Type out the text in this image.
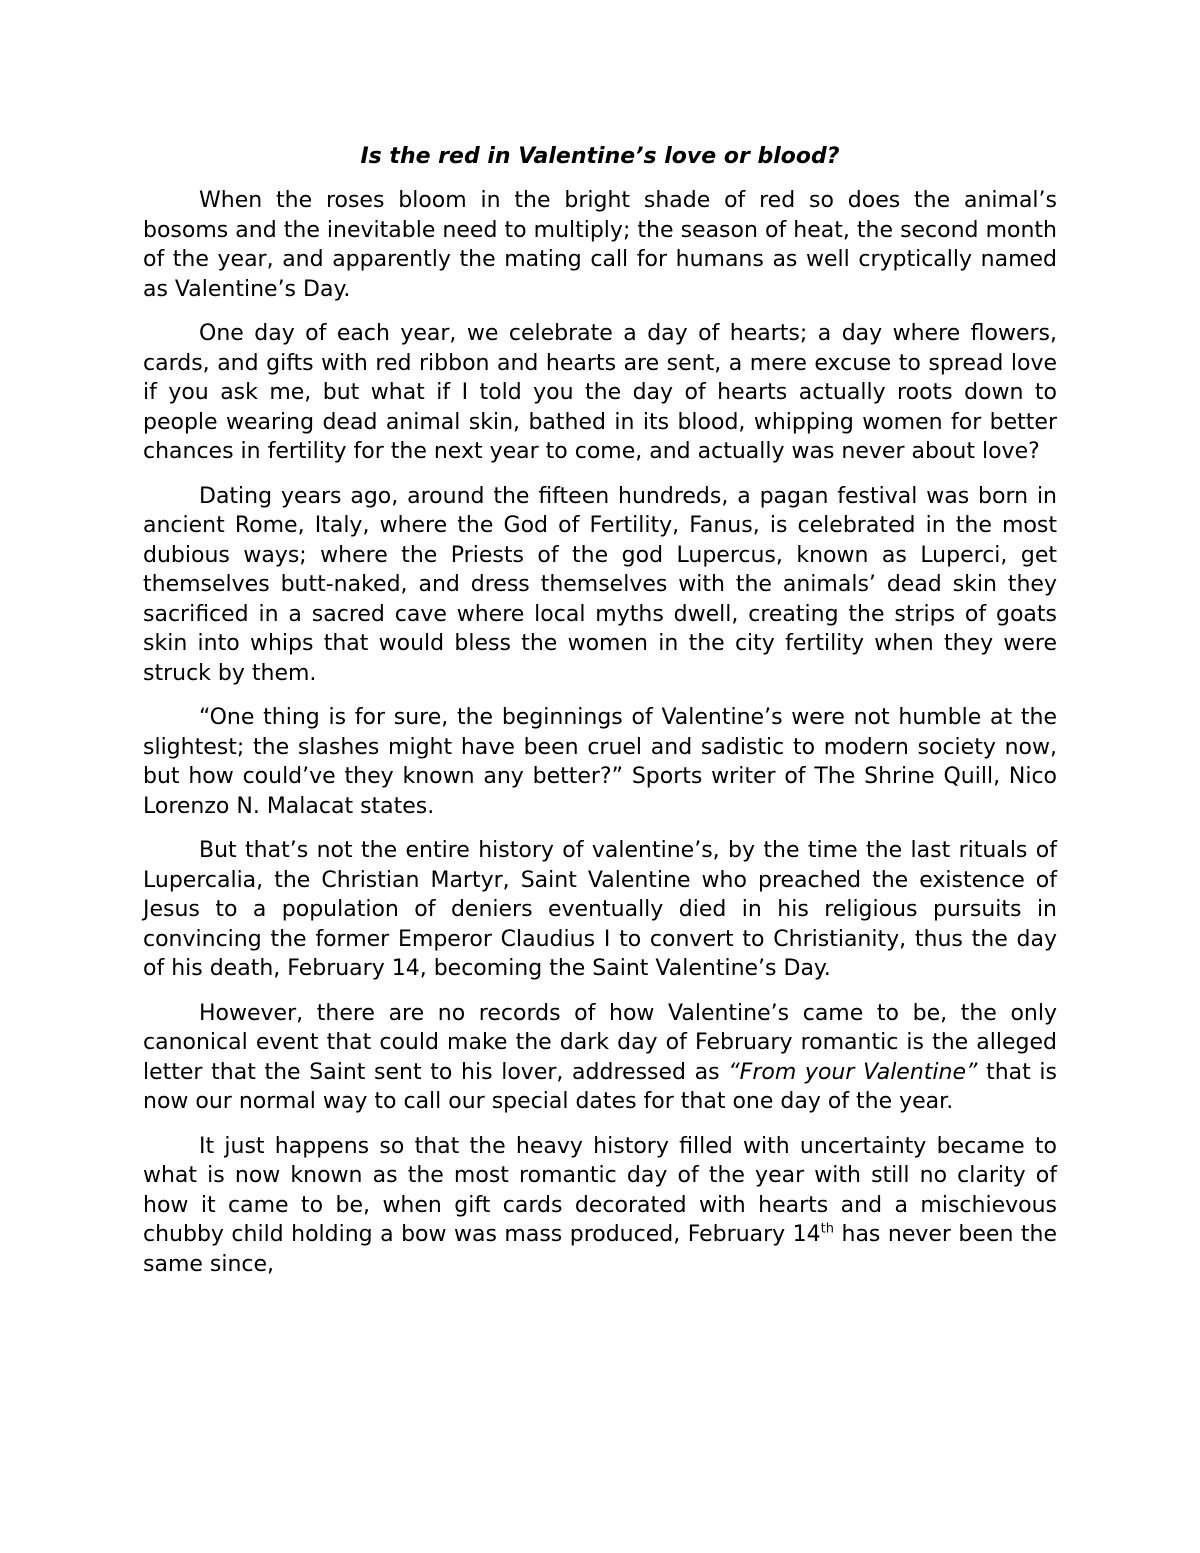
Is the red in Valentine’s love or blood?

When the roses bloom in the bright shade of red so does the animal’s bosoms and the inevitable need to multiply; the season of heat, the second month of the year, and apparently the mating call for humans as well cryptically named as Valentine’s Day.

One day of each year, we celebrate a day of hearts; a day where flowers, cards, and gifts with red ribbon and hearts are sent, a mere excuse to spread love if you ask me, but what if I told you the day of hearts actually roots down to people wearing dead animal skin, bathed in its blood, whipping women for better chances in fertility for the next year to come, and actually was never about love?

Dating years ago, around the fifteen hundreds, a pagan festival was born in ancient Rome, Italy, where the God of Fertility, Fanus, is celebrated in the most dubious ways; where the Priests of the god Lupercus, known as Luperci, get themselves butt-naked, and dress themselves with the animals’ dead skin they sacrificed in a sacred cave where local myths dwell, creating the strips of goats skin into whips that would bless the women in the city fertility when they were struck by them.

“One thing is for sure, the beginnings of Valentine’s were not humble at the slightest; the slashes might have been cruel and sadistic to modern society now, but how could’ve they known any better?” Sports writer of The Shrine Quill, Nico Lorenzo N. Malacat states.

But that’s not the entire history of valentine’s, by the time the last rituals of Lupercalia, the Christian Martyr, Saint Valentine who preached the existence of Jesus to a population of deniers eventually died in his religious pursuits in convincing the former Emperor Claudius I to convert to Christianity, thus the day of his death, February 14, becoming the Saint Valentine’s Day.

However, there are no records of how Valentine’s came to be, the only canonical event that could make the dark day of February romantic is the alleged letter that the Saint sent to his lover, addressed as “From your Valentine” that is now our normal way to call our special dates for that one day of the year.

It just happens so that the heavy history filled with uncertainty became to what is now known as the most romantic day of the year with still no clarity of how it came to be, when gift cards decorated with hearts and a mischievous chubby child holding a bow was mass produced, February 14th has never been the same since,
